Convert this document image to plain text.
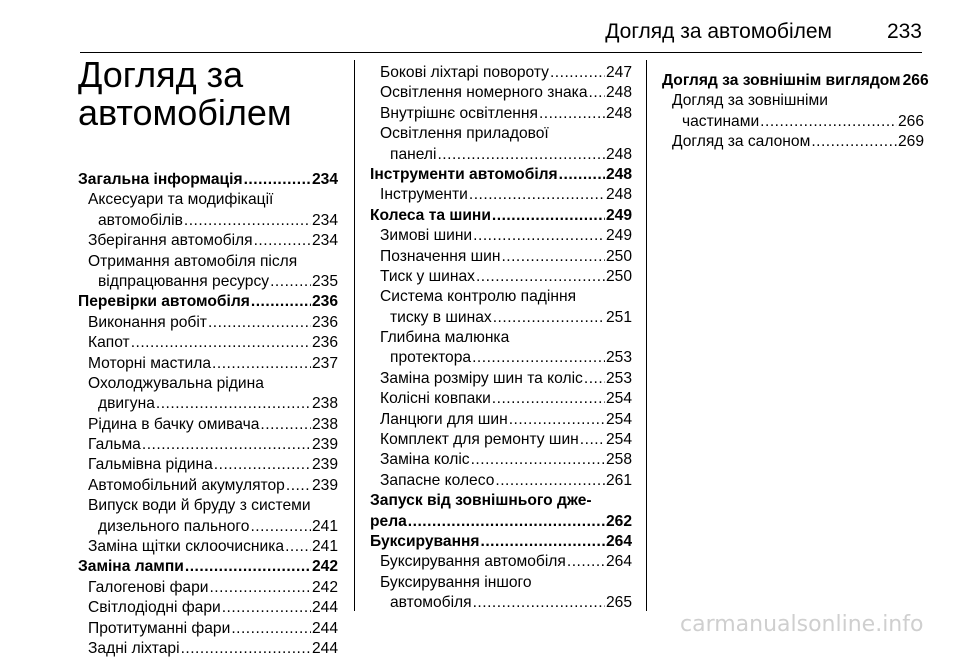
Догляд за автомобілем	233
Догляд за
автомобілем
Загальна інформація .....	234
Аксесуари та модифікації
автомобілів .....	234
Зберігання автомобіля .....	234
Отримання автомобіля після
відпрацювання ресурсу .....	235
Перевірки автомобіля .....	236
Виконання робіт .....	236
Капот .....	236
Моторні мастила .....	237
Охолоджувальна рідина
двигуна .....	238
Рідина в бачку омивача .....	238
Гальма .....	239
Гальмівна рідина .....	239
Автомобільний акумулятор ..... 239
Випуск води й бруду з системи
дизельного пального .....	241
Заміна щітки склоочисника ..... 241
Заміна лампи .....	242
Галогенові фари .....	242
Світлодіодні фари .....	244
Протитуманні фари .....	244
Задні ліхтарі .....	244
Бокові ліхтарі повороту .....	247
Освітлення номерного знака ..... 248
Внутрішнє освітлення .....	248
Освітлення приладової
панелі .....	248
Інструменти автомобіля .....	248
Інструменти .....	248
Колеса та шини .....	249
Зимові шини .....	249
Позначення шин .....	250
Тиск у шинах .....	250
Система контролю падіння
тиску в шинах .....	251
Глибина малюнка
протектора .....	253
Заміна розміру шин та коліс ..... 253
Колісні ковпаки .....	254
Ланцюги для шин .....	254
Комплект для ремонту шин ..... 254
Заміна коліс .....	258
Запасне колесо .....	261
Запуск від зовнішнього дже-
рела .....	262
Буксирування .....	264
Буксирування автомобіля .....	264
Буксирування іншого
автомобіля .....	265
Догляд за зовнішнім виглядом 266
Догляд за зовнішніми
частинами .....	266
Догляд за салоном .....	269
carmanualsonline.info
